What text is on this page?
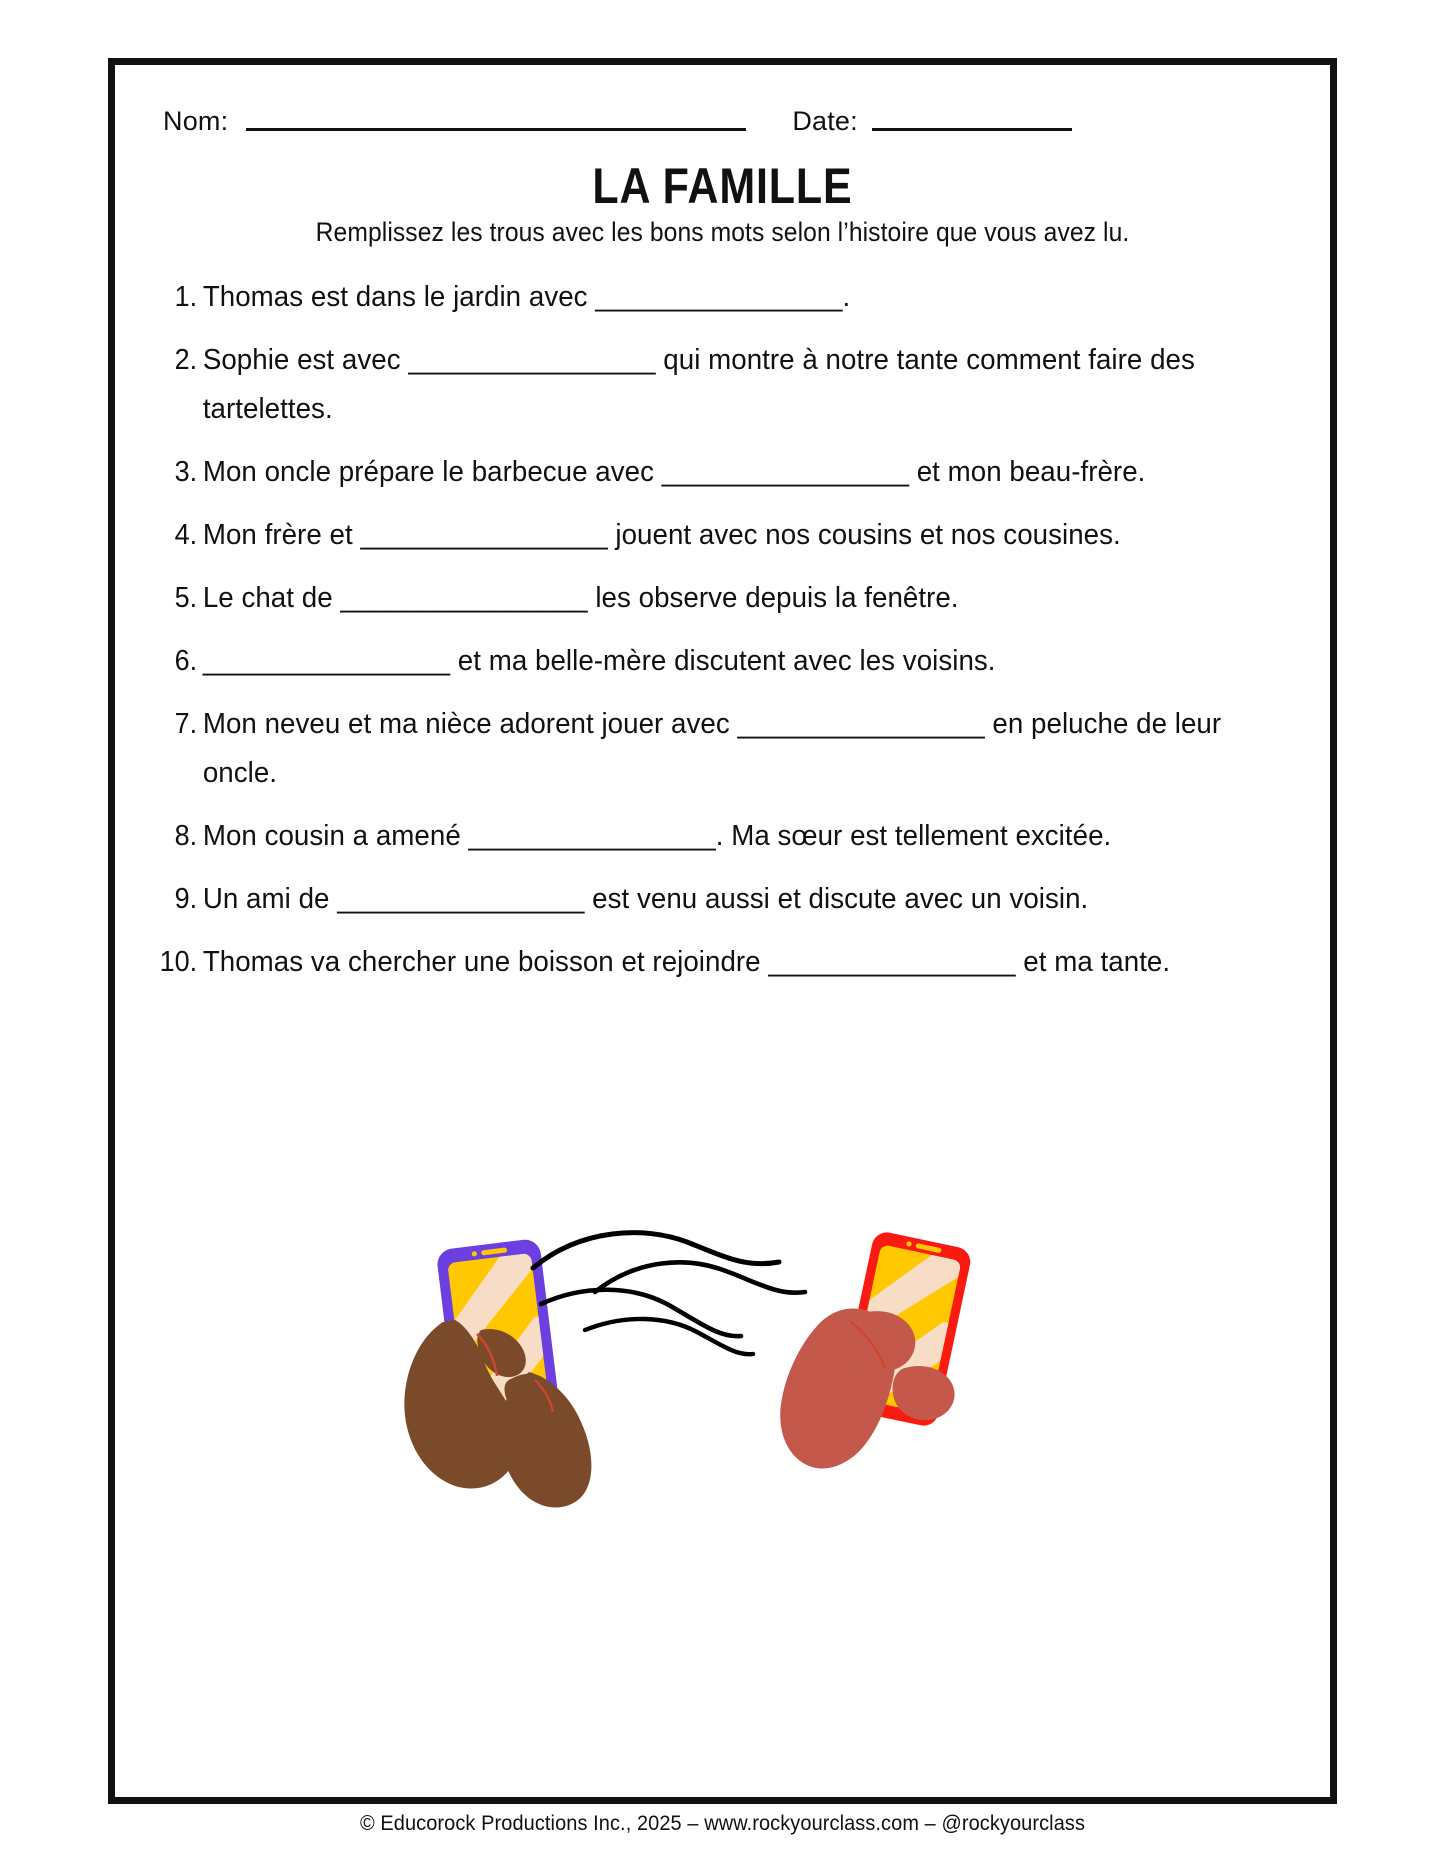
Nom:	Date:
LA FAMILLE
Remplissez les trous avec les bons mots selon l’histoire que vous avez lu.
1. Thomas est dans le jardin avec ________________.
2. Sophie est avec ________________ qui montre à notre tante comment faire des tartelettes.
3. Mon oncle prépare le barbecue avec ________________ et mon beau-frère.
4. Mon frère et ________________ jouent avec nos cousins et nos cousines.
5. Le chat de ________________ les observe depuis la fenêtre.
6. ________________ et ma belle-mère discutent avec les voisins.
7. Mon neveu et ma nièce adorent jouer avec ________________ en peluche de leur oncle.
8. Mon cousin a amené ________________. Ma sœur est tellement excitée.
9. Un ami de ________________ est venu aussi et discute avec un voisin.
10. Thomas va chercher une boisson et rejoindre ________________ et ma tante.
© Educorock Productions Inc., 2025 – www.rockyourclass.com – @rockyourclass
